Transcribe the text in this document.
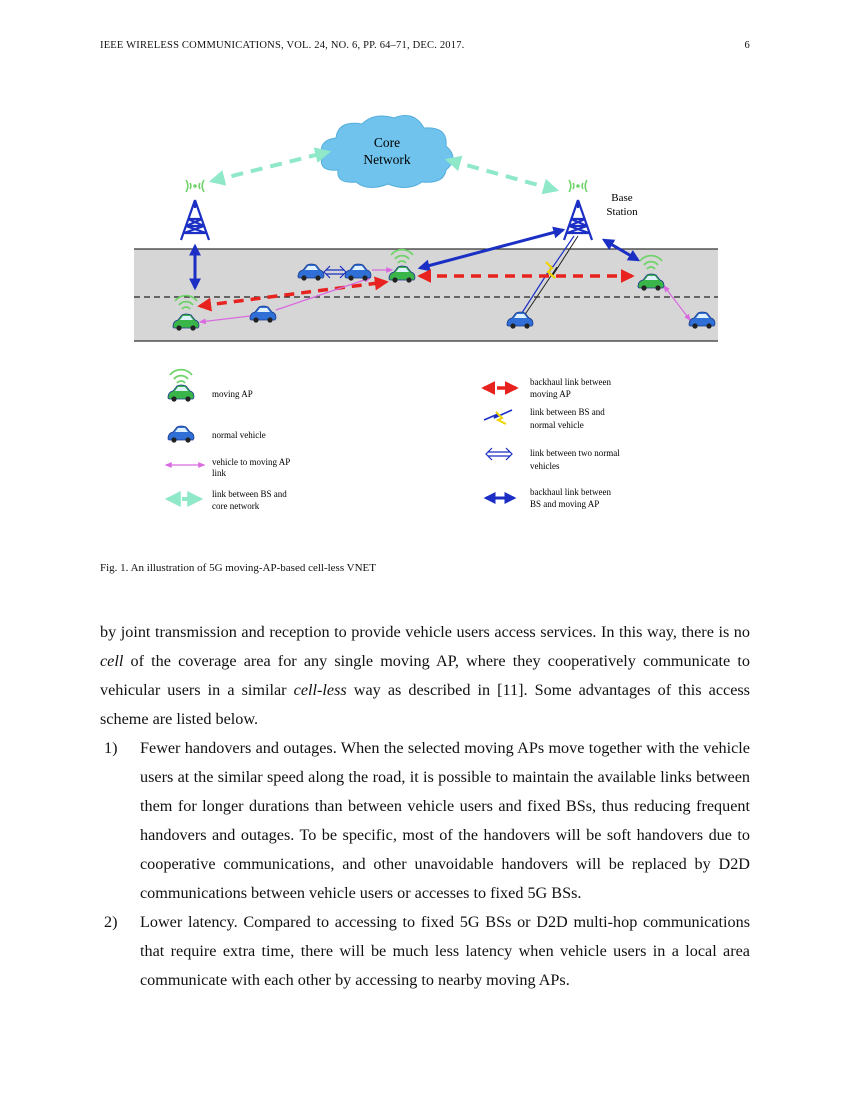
IEEE WIRELESS COMMUNICATIONS, VOL. 24, NO. 6, PP. 64–71, DEC. 2017.	6
Core
Network
Base
Station
moving AP
normal vehicle
vehicle to moving AP
link
link between BS and
core network
backhaul link between
moving AP
link between BS and
normal vehicle
link between two normal
vehicles
backhaul link between
BS and moving AP
Fig. 1. An illustration of 5G moving-AP-based cell-less VNET

by joint transmission and reception to provide vehicle users access services. In this way, there is no cell of the coverage area for any single moving AP, where they cooperatively communicate to vehicular users in a similar cell-less way as described in [11]. Some advantages of this access scheme are listed below.

1) Fewer handovers and outages. When the selected moving APs move together with the vehicle users at the similar speed along the road, it is possible to maintain the available links between them for longer durations than between vehicle users and fixed BSs, thus reducing frequent handovers and outages. To be specific, most of the handovers will be soft handovers due to cooperative communications, and other unavoidable handovers will be replaced by D2D communications between vehicle users or accesses to fixed 5G BSs.
2) Lower latency. Compared to accessing to fixed 5G BSs or D2D multi-hop communications that require extra time, there will be much less latency when vehicle users in a local area communicate with each other by accessing to nearby moving APs.
